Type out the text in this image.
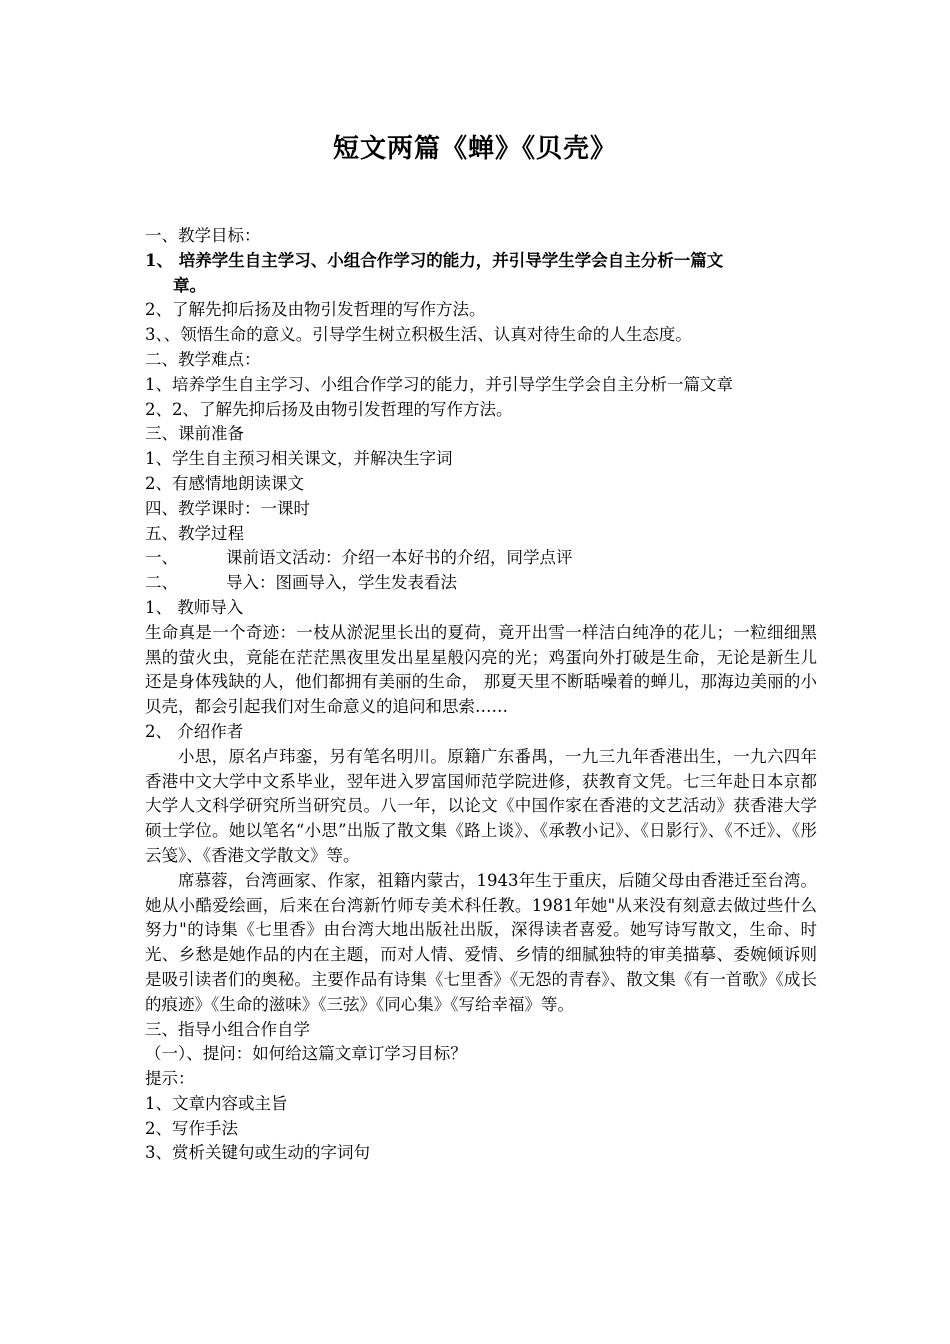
短文两篇《蝉》《贝壳》
一、教学目标：
1、 培养学生自主学习、小组合作学习的能力，并引导学生学会自主分析一篇文
章。
2、了解先抑后扬及由物引发哲理的写作方法。
3、、领悟生命的意义。引导学生树立积极生活、认真对待生命的人生态度。
二、教学难点：
1、培养学生自主学习、小组合作学习的能力，并引导学生学会自主分析一篇文章
2、2、了解先抑后扬及由物引发哲理的写作方法。
三、课前准备
1、学生自主预习相关课文，并解决生字词
2、有感情地朗读课文
四、教学课时：一课时
五、教学过程
一、	课前语文活动：介绍一本好书的介绍，同学点评
二、	导入：图画导入，学生发表看法
1、 教师导入
生命真是一个奇迹：一枝从淤泥里长出的夏荷，竟开出雪一样洁白纯净的花儿；一粒细细黑黑的萤火虫，竟能在茫茫黑夜里发出星星般闪亮的光；鸡蛋向外打破是生命，无论是新生儿还是身体残缺的人，他们都拥有美丽的生命， 那夏天里不断聒噪着的蝉儿，那海边美丽的小贝壳，都会引起我们对生命意义的追问和思索……
2、 介绍作者
小思，原名卢玮銮，另有笔名明川。原籍广东番禺，一九三九年香港出生，一九六四年香港中文大学中文系毕业，翌年进入罗富国师范学院进修，获教育文凭。七三年赴日本京都大学人文科学研究所当研究员。八一年，以论文《中国作家在香港的文艺活动》获香港大学硕士学位。她以笔名“小思”出版了散文集《路上谈》、《承教小记》、《日影行》、《不迁》、《彤云笺》、《香港文学散文》等。
席慕蓉，台湾画家、作家，祖籍内蒙古，1943年生于重庆，后随父母由香港迁至台湾。她从小酷爱绘画，后来在台湾新竹师专美术科任教。1981年她"从来没有刻意去做过些什么努力"的诗集《七里香》由台湾大地出版社出版，深得读者喜爱。她写诗写散文，生命、时光、乡愁是她作品的内在主题，而对人情、爱情、乡情的细腻独特的审美描摹、委婉倾诉则是吸引读者们的奥秘。主要作品有诗集《七里香》《无怨的青春》、散文集《有一首歌》《成长的痕迹》《生命的滋味》《三弦》《同心集》《写给幸福》等。
三、指导小组合作自学
（一）、提问：如何给这篇文章订学习目标？
提示：
1、文章内容或主旨
2、写作手法
3、赏析关键句或生动的字词句
